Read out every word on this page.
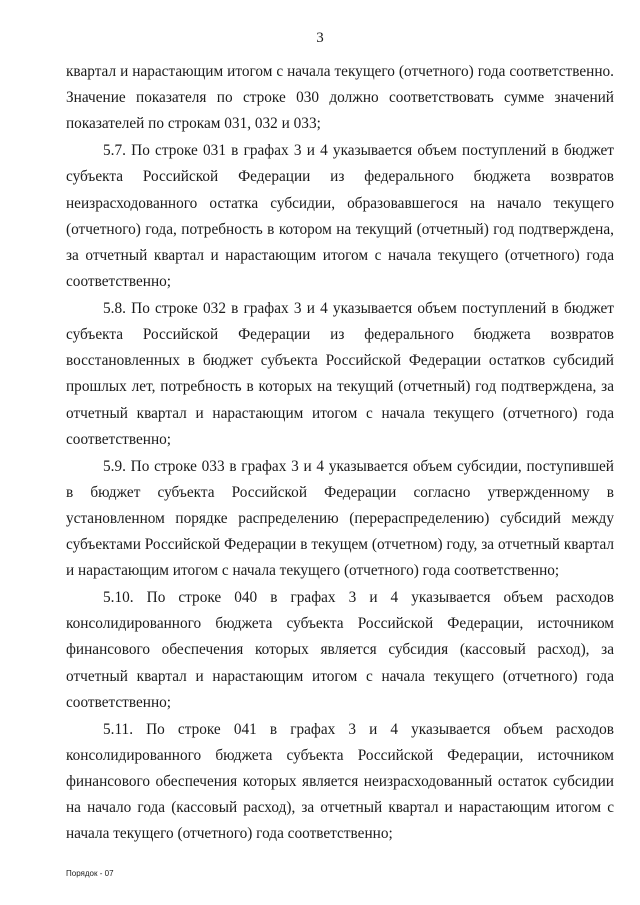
3

квартал и нарастающим итогом с начала текущего (отчетного) года соответственно. Значение показателя по строке 030 должно соответствовать сумме значений показателей по строкам 031, 032 и 033;

5.7. По строке 031 в графах 3 и 4 указывается объем поступлений в бюджет субъекта Российской Федерации из федерального бюджета возвратов неизрасходованного остатка субсидии, образовавшегося на начало текущего (отчетного) года, потребность в котором на текущий (отчетный) год подтверждена, за отчетный квартал и нарастающим итогом с начала текущего (отчетного) года соответственно;

5.8. По строке 032 в графах 3 и 4 указывается объем поступлений в бюджет субъекта Российской Федерации из федерального бюджета возвратов восстановленных в бюджет субъекта Российской Федерации остатков субсидий прошлых лет, потребность в которых на текущий (отчетный) год подтверждена, за отчетный квартал и нарастающим итогом с начала текущего (отчетного) года соответственно;

5.9. По строке 033 в графах 3 и 4 указывается объем субсидии, поступившей в бюджет субъекта Российской Федерации согласно утвержденному в установленном порядке распределению (перераспределению) субсидий между субъектами Российской Федерации в текущем (отчетном) году, за отчетный квартал и нарастающим итогом с начала текущего (отчетного) года соответственно;

5.10. По строке 040 в графах 3 и 4 указывается объем расходов консолидированного бюджета субъекта Российской Федерации, источником финансового обеспечения которых является субсидия (кассовый расход), за отчетный квартал и нарастающим итогом с начала текущего (отчетного) года соответственно;

5.11. По строке 041 в графах 3 и 4 указывается объем расходов консолидированного бюджета субъекта Российской Федерации, источником финансового обеспечения которых является неизрасходованный остаток субсидии на начало года (кассовый расход), за отчетный квартал и нарастающим итогом с начала текущего (отчетного) года соответственно;

Порядок - 07
